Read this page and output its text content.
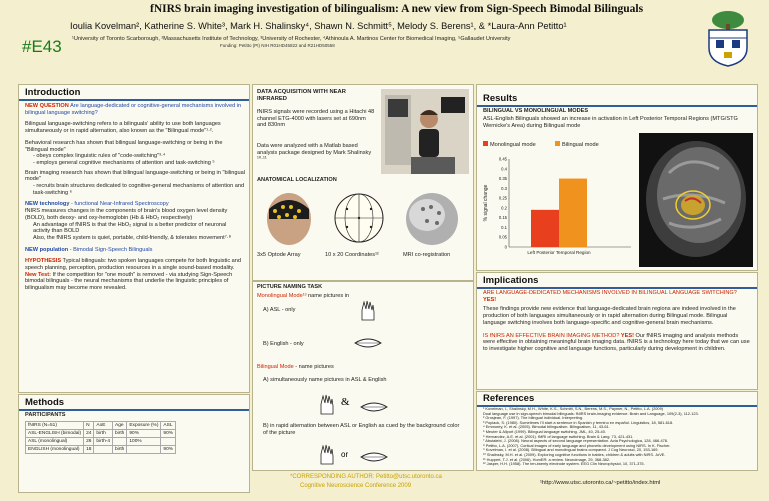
fNIRS brain imaging investigation of bilingualism: A new view from Sign-Speech Bimodal Bilinguals
#E43
Ioulia Kovelman², Katherine S. White³, Mark H. Shalinsky⁴, Shawn N. Schmitt⁵, Melody S. Berens¹, & *Laura-Ann Petitto¹
¹University of Toronto Scarborough, ²Massachusetts Institute of Technology, ³University of Rochester, ⁴Athinoula A. Martinos Center for Biomedical Imaging, ⁵Gallaudet University
Funding: Petitto (PI) NIH R01HD45822 and R21HD50558
Introduction

NEW QUESTION Are language-dedicated or cognitive-general mechanisms involved in bilingual language switching?

Bilingual language-switching refers to a bilinguals' ability to use both languages simultaneously or in rapid alternation, also known as the "Bilingual mode"¹·².

Behavioral research has shown that bilingual language-switching or being in the "Bilingual mode"

- obeys complex linguistic rules of "code-switching"³·⁴

- employs general cognitive mechanisms of attention and task-switching ⁵

Brain imaging research has shown that bilingual language-switching or being in "bilingual mode"

- recruits brain structures dedicated to cognitive-general mechanisms of attention and task-switching ⁶

NEW technology - functional Near-Infrared Spectroscopy

fNIRS measures changes in the components of brain's blood oxygen level density (BOLD), both deoxy- and oxy-hemoglobin (Hb & HbO₂ respectively)

An advantage of fNIRS is that the HbO₂ signal is a better predictor of neuronal activity than BOLD

Also, the fNIRS system is quiet, portable, child-friendly, & tolerates movement⁷·⁸

NEW population - Bimodal Sign-Speech Bilinguals

HYPOTHESIS Typical bilinguals: two spoken languages compete for both linguistic and speech planning, perception, production resources in a single sound-based modality. New Test: If the competition for "one mouth" is removed - via studying Sign-Speech bimodal bilinguals - the neural mechanisms that underlie the linguistic principles of bilingualism may become more revealed.

Methods
PARTICIPANTS
fNIRS (N=51)	N	AoE	Age	Exposure (%)	ASL
ASL-ENGLISH (bimodal)	24	birth	birth	90%	90%
ASL (monolingual)	26	birth-4		100%	
ENGLISH (monolingual)	18		birth		90%
DATA ACQUISITION WITH NEAR INFRARED
fNIRS signals were recorded using a Hitachi 48 channel ETG-4000 with lasers set at 690nm and 830nm
Data were analyzed with a Matlab based analysis package designed by Mark Shalinsky ¹⁰·¹¹
ANATOMICAL LOCALIZATION
3x5 Optode Array	10 x 20 Coordinates¹²	MRI co-registration
PICTURE NAMING TASK
Monolingual Mode¹³ name pictures in
A) ASL - only
B) English - only
Bilingual Mode - name pictures
A) simultaneously name pictures in ASL & English
&
B) in rapid alternation between ASL or English as cued by the background color of the picture
or
Results
BILINGUAL VS MONOLINGUAL MODES
ASL-English Bilinguals showed an increase in activation in Left Posterior Temporal Regions (MTG/STG Wernicke's Area) during Bilingual mode
Monolingual mode	Bilingual mode
0.45
0.4
0.35
0.3
0.25
0.2
0.15
0.1
0.05
0
% signal change
Left Posterior Temporal Region
Implications

ARE LANGUAGE-DEDICATED MECHANISMS INVOLVED IN BILINGUAL LANGUAGE SWITCHING? YES!

These findings provide new evidence that language-dedicated brain regions are indeed involved in the production of both languages simultaneously or in rapid alternation during Bilingual mode. Bilingual language switching involves both language-specific and cognitive-general brain mechanisms.

IS fNIRS AN EFFECTIVE BRAIN IMAGING METHOD? YES! Our fNIRS imaging and analysis methods were effective in obtaining meaningful brain imaging data. fNIRS is a technology here today that we can use to investigate higher cognitive and language functions, particularly during development in children.

References
¹ Kovelman, I., Shalinsky, M.H., White, K.S., Schmitt, S.N., Berens, M.S., Paymer, N., Petitto, L.A. (2009)
Dual language use in sign-speech bimodal bilinguals: fNIRS brain-imaging evidence. Brain and Language, 109(2-3), 112-123.
² Grosjean, F. (1997). The bilingual individual. Interpreting.
³ Poplack, S. (1980). Sometimes I'll start a sentence in Spanish y termino en español. Linguistics, 18, 581-618.
⁴ Emmorey, K. et al. (2005). Bimodal bilingualism. Bilingualism, 11, 43-61.
⁵ Meuter & Allport (1999). Bilingual language switching. JML, 40, 25-40.
⁶ Hernandez, A.E. et al. (2001). fMRI of language switching. Brain & Lang. 73, 421-431.
⁷ Abutalebi, J. (2008). Neural aspects of second language representation. Acta Psychologica, 128, 466-478.
⁸ Petitto, L.A. (2007). Cortical images of early language and phonetic development using NIRS. In K. Fischer.
⁹ Kovelman, I. et al. (2008). Bilingual and monolingual brains compared. J Cog Neurosci, 20, 153-169.
¹⁰ Shalinsky, M.H. et al. (2009). Exploring cognitive functions in babies, children & adults with NIRS. JoVE.
¹¹ Huppert, T.J. et al. (2006). HomER: a review. Neuroimage, 29, 368-382.
¹² Jasper, H.H. (1958). The ten-twenty electrode system. EEG Clin Neurophysiol, 10, 371-375.
*CORRESPONDING AUTHOR: Petitto@utsc.utoronto.ca
Cognitive Neuroscience Conference 2009	¹http://www.utsc.utoronto.ca/~petitto/index.html
